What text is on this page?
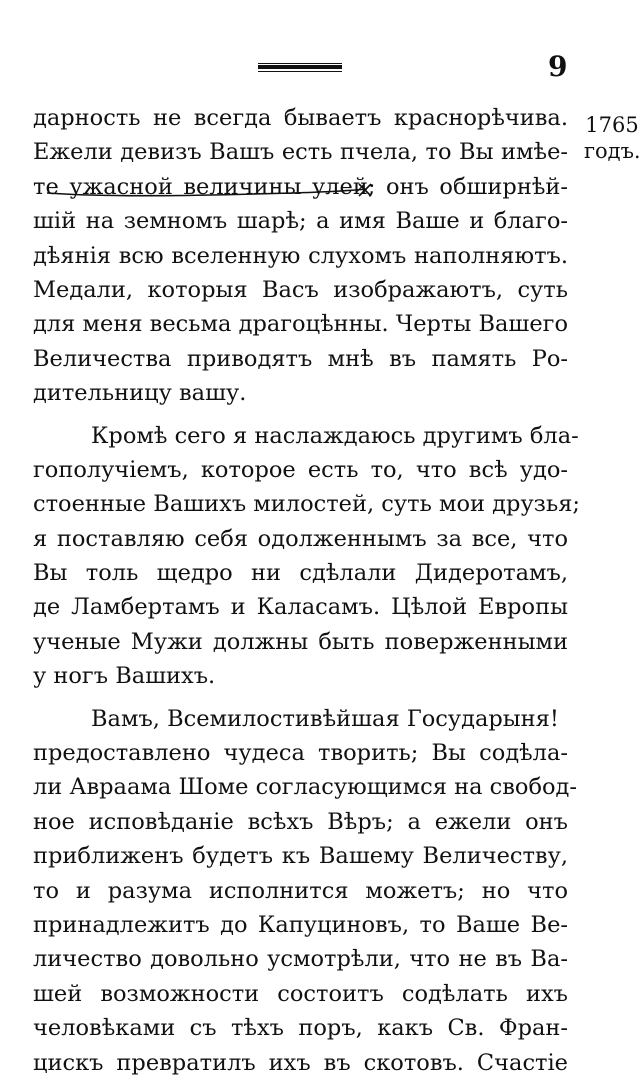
9
1765
годъ.
дарность не всегда бываетъ краснорѣчива.
Ежели девизъ Вашъ есть пчела, то Вы имѣе-
те ужасной величины улей; онъ обширнѣй-
шій на земномъ шарѣ; а имя Ваше и благо-
дѣянія всю вселенную слухомъ наполняютъ.
Медали, которыя Васъ изображаютъ, суть
для меня весьма драгоцѣнны. Черты Вашего
Величества приводятъ мнѣ въ память Ро-
дительницу вашу.
Кромѣ сего я наслаждаюсь другимъ бла-
гополучіемъ, которое есть то, что всѣ удо-
стоенные Вашихъ милостей, суть мои друзья;
я поставляю себя одолженнымъ за все, что
Вы толь щедро ни сдѣлали Дидеротамъ,
де Ламбертамъ и Каласамъ. Цѣлой Европы
ученые Мужи должны быть поверженными
у ногъ Вашихъ.
Вамъ, Всемилостивѣйшая Государыня!
предоставлено чудеса творить; Вы содѣла-
ли Авраама Шоме согласующимся на свобод-
ное исповѣданіе всѣхъ Вѣръ; а ежели онъ
приближенъ будетъ къ Вашему Величеству,
то и разума исполнится можетъ; но что
принадлежитъ до Капуциновъ, то Ваше Ве-
личество довольно усмотрѣли, что не въ Ва-
шей возможности состоитъ содѣлать ихъ
человѣками съ тѣхъ поръ, какъ Св. Фран-
цискъ превратилъ ихъ въ скотовъ. Счастіе
